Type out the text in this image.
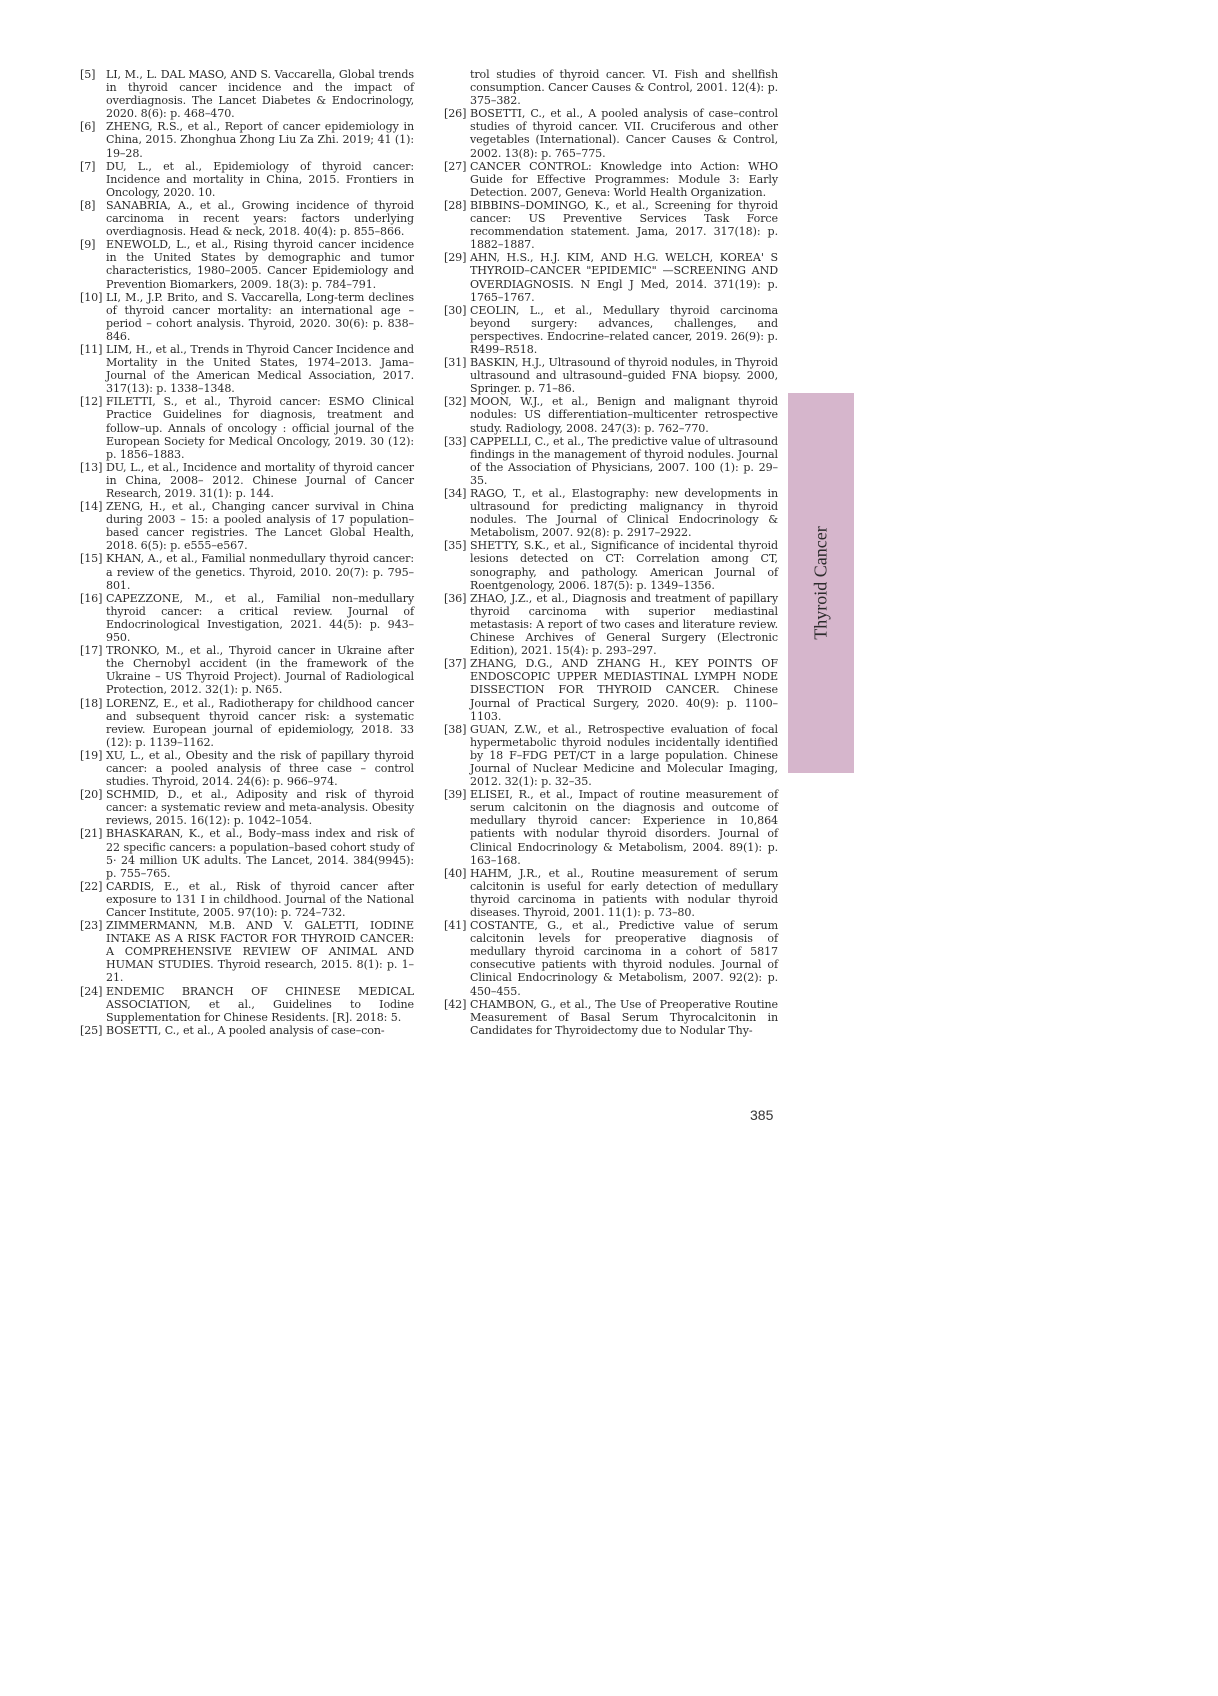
[5] LI, M., L. DAL MASO, AND S. Vaccarella, Global trends in thyroid cancer incidence and the impact of overdiagnosis. The Lancet Diabetes & Endocrinology, 2020. 8(6): p. 468–470.

[6] ZHENG, R.S., et al., Report of cancer epidemiology in China, 2015. Zhonghua Zhong Liu Za Zhi. 2019; 41 (1): 19–28.

[7] DU, L., et al., Epidemiology of thyroid cancer: Incidence and mortality in China, 2015. Frontiers in Oncology, 2020. 10.

[8] SANABRIA, A., et al., Growing incidence of thyroid carcinoma in recent years: factors underlying overdiagnosis. Head & neck, 2018. 40(4): p. 855–866.

[9] ENEWOLD, L., et al., Rising thyroid cancer incidence in the United States by demographic and tumor characteristics, 1980–2005. Cancer Epidemiology and Prevention Biomarkers, 2009. 18(3): p. 784–791.

[10] LI, M., J.P. Brito, and S. Vaccarella, Long-term declines of thyroid cancer mortality: an international age – period – cohort analysis. Thyroid, 2020. 30(6): p. 838–846.

[11] LIM, H., et al., Trends in Thyroid Cancer Incidence and Mortality in the United States, 1974–2013. Jama–Journal of the American Medical Association, 2017. 317(13): p. 1338–1348.

[12] FILETTI, S., et al., Thyroid cancer: ESMO Clinical Practice Guidelines for diagnosis, treatment and follow–up. Annals of oncology : official journal of the European Society for Medical Oncology, 2019. 30 (12): p. 1856–1883.

[13] DU, L., et al., Incidence and mortality of thyroid cancer in China, 2008– 2012. Chinese Journal of Cancer Research, 2019. 31(1): p. 144.

[14] ZENG, H., et al., Changing cancer survival in China during 2003 – 15: a pooled analysis of 17 population–based cancer registries. The Lancet Global Health, 2018. 6(5): p. e555–e567.

[15] KHAN, A., et al., Familial nonmedullary thyroid cancer: a review of the genetics. Thyroid, 2010. 20(7): p. 795–801.

[16] CAPEZZONE, M., et al., Familial non–medullary thyroid cancer: a critical review. Journal of Endocrinological Investigation, 2021. 44(5): p. 943–950.

[17] TRONKO, M., et al., Thyroid cancer in Ukraine after the Chernobyl accident (in the framework of the Ukraine – US Thyroid Project). Journal of Radiological Protection, 2012. 32(1): p. N65.

[18] LORENZ, E., et al., Radiotherapy for childhood cancer and subsequent thyroid cancer risk: a systematic review. European journal of epidemiology, 2018. 33 (12): p. 1139–1162.

[19] XU, L., et al., Obesity and the risk of papillary thyroid cancer: a pooled analysis of three case – control studies. Thyroid, 2014. 24(6): p. 966–974.

[20] SCHMID, D., et al., Adiposity and risk of thyroid cancer: a systematic review and meta-analysis. Obesity reviews, 2015. 16(12): p. 1042–1054.

[21] BHASKARAN, K., et al., Body–mass index and risk of 22 specific cancers: a population–based cohort study of 5· 24 million UK adults. The Lancet, 2014. 384(9945): p. 755–765.

[22] CARDIS, E., et al., Risk of thyroid cancer after exposure to 131 I in childhood. Journal of the National Cancer Institute, 2005. 97(10): p. 724–732.

[23] ZIMMERMANN, M.B. AND V. GALETTI, IODINE INTAKE AS A RISK FACTOR FOR THYROID CANCER: A COMPREHENSIVE REVIEW OF ANIMAL AND HUMAN STUDIES. Thyroid research, 2015. 8(1): p. 1–21.

[24] ENDEMIC BRANCH OF CHINESE MEDICAL ASSOCIATION, et al., Guidelines to Iodine Supplementation for Chinese Residents. [R]. 2018: 5.

[25] BOSETTI, C., et al., A pooled analysis of case–con-

trol studies of thyroid cancer. VI. Fish and shellfish consumption. Cancer Causes & Control, 2001. 12(4): p. 375–382.

[26] BOSETTI, C., et al., A pooled analysis of case–control studies of thyroid cancer. VII. Cruciferous and other vegetables (International). Cancer Causes & Control, 2002. 13(8): p. 765–775.

[27] CANCER CONTROL: Knowledge into Action: WHO Guide for Effective Programmes: Module 3: Early Detection. 2007, Geneva: World Health Organization.

[28] BIBBINS–DOMINGO, K., et al., Screening for thyroid cancer: US Preventive Services Task Force recommendation statement. Jama, 2017. 317(18): p. 1882–1887.

[29] AHN, H.S., H.J. KIM, AND H.G. WELCH, KOREA' S THYROID–CANCER "EPIDEMIC" —SCREENING AND OVERDIAGNOSIS. N Engl J Med, 2014. 371(19): p. 1765–1767.

[30] CEOLIN, L., et al., Medullary thyroid carcinoma beyond surgery: advances, challenges, and perspectives. Endocrine–related cancer, 2019. 26(9): p. R499–R518.

[31] BASKIN, H.J., Ultrasound of thyroid nodules, in Thyroid ultrasound and ultrasound–guided FNA biopsy. 2000, Springer. p. 71–86.

[32] MOON, W.J., et al., Benign and malignant thyroid nodules: US differentiation–multicenter retrospective study. Radiology, 2008. 247(3): p. 762–770.

[33] CAPPELLI, C., et al., The predictive value of ultrasound findings in the management of thyroid nodules. Journal of the Association of Physicians, 2007. 100 (1): p. 29–35.

[34] RAGO, T., et al., Elastography: new developments in ultrasound for predicting malignancy in thyroid nodules. The Journal of Clinical Endocrinology & Metabolism, 2007. 92(8): p. 2917–2922.

[35] SHETTY, S.K., et al., Significance of incidental thyroid lesions detected on CT: Correlation among CT, sonography, and pathology. American Journal of Roentgenology, 2006. 187(5): p. 1349–1356.

[36] ZHAO, J.Z., et al., Diagnosis and treatment of papillary thyroid carcinoma with superior mediastinal metastasis: A report of two cases and literature review. Chinese Archives of General Surgery (Electronic Edition), 2021. 15(4): p. 293–297.

[37] ZHANG, D.G., AND ZHANG H., KEY POINTS OF ENDOSCOPIC UPPER MEDIASTINAL LYMPH NODE DISSECTION FOR THYROID CANCER. Chinese Journal of Practical Surgery, 2020. 40(9): p. 1100–1103.

[38] GUAN, Z.W., et al., Retrospective evaluation of focal hypermetabolic thyroid nodules incidentally identified by 18 F–FDG PET/CT in a large population. Chinese Journal of Nuclear Medicine and Molecular Imaging, 2012. 32(1): p. 32–35.

[39] ELISEI, R., et al., Impact of routine measurement of serum calcitonin on the diagnosis and outcome of medullary thyroid cancer: Experience in 10,864 patients with nodular thyroid disorders. Journal of Clinical Endocrinology & Metabolism, 2004. 89(1): p. 163–168.

[40] HAHM, J.R., et al., Routine measurement of serum calcitonin is useful for early detection of medullary thyroid carcinoma in patients with nodular thyroid diseases. Thyroid, 2001. 11(1): p. 73–80.

[41] COSTANTE, G., et al., Predictive value of serum calcitonin levels for preoperative diagnosis of medullary thyroid carcinoma in a cohort of 5817 consecutive patients with thyroid nodules. Journal of Clinical Endocrinology & Metabolism, 2007. 92(2): p. 450–455.

[42] CHAMBON, G., et al., The Use of Preoperative Routine Measurement of Basal Serum Thyrocalcitonin in Candidates for Thyroidectomy due to Nodular Thy-

Thyroid Cancer
385
